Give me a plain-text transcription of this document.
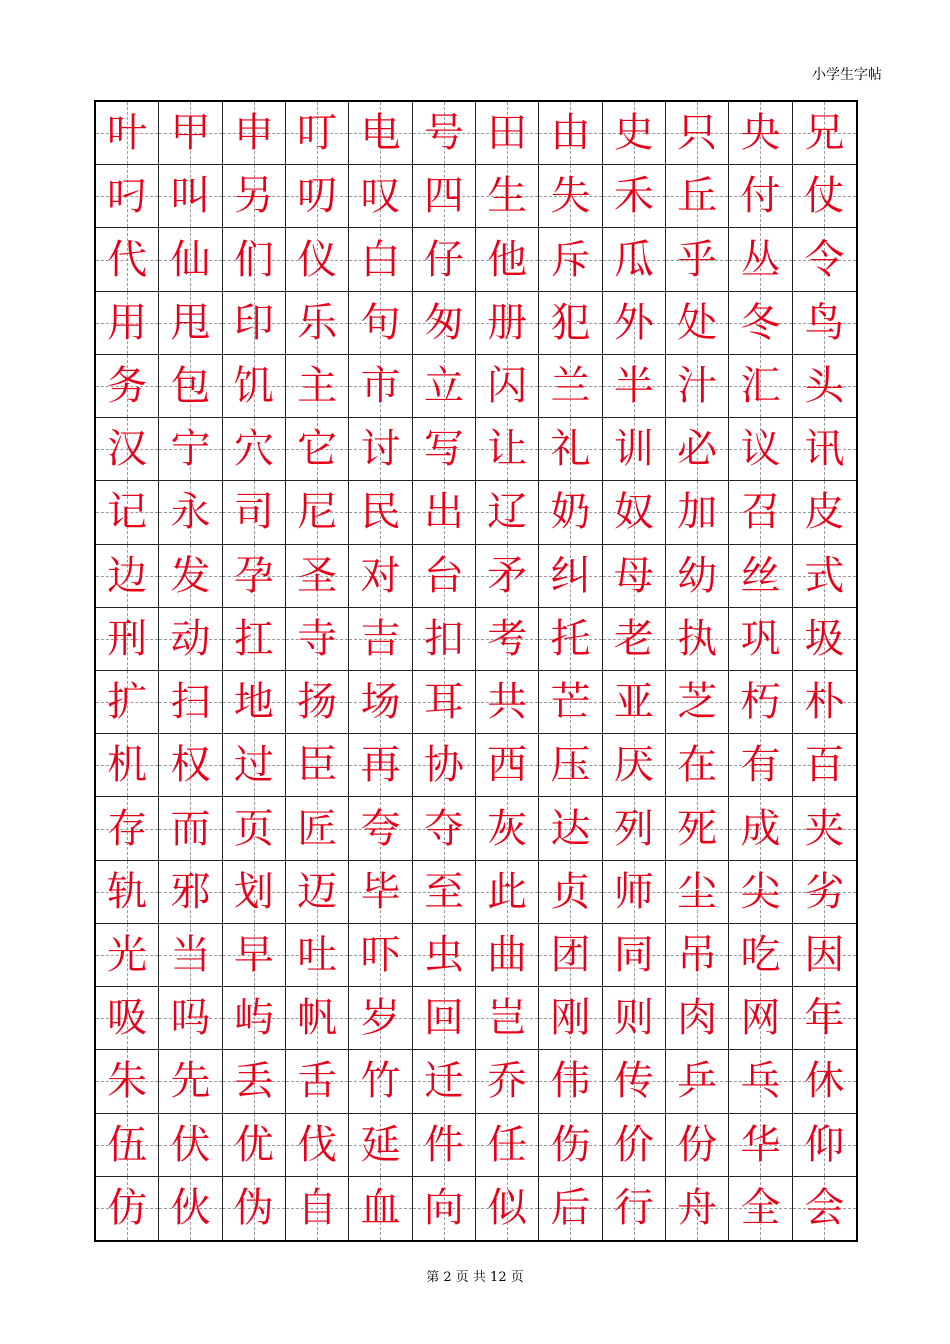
小学生字帖
叶 甲 申 叮 电 号 田 由 史 只 央 兄
叼 叫 另 叨 叹 四 生 失 禾 丘 付 仗
代 仙 们 仪 白 仔 他 斥 瓜 乎 丛 令
用 甩 印 乐 句 匆 册 犯 外 处 冬 鸟
务 包 饥 主 市 立 闪 兰 半 汁 汇 头
汉 宁 穴 它 讨 写 让 礼 训 必 议 讯
记 永 司 尼 民 出 辽 奶 奴 加 召 皮
边 发 孕 圣 对 台 矛 纠 母 幼 丝 式
刑 动 扛 寺 吉 扣 考 托 老 执 巩 圾
扩 扫 地 扬 场 耳 共 芒 亚 芝 朽 朴
机 权 过 臣 再 协 西 压 厌 在 有 百
存 而 页 匠 夸 夺 灰 达 列 死 成 夹
轨 邪 划 迈 毕 至 此 贞 师 尘 尖 劣
光 当 早 吐 吓 虫 曲 团 同 吊 吃 因
吸 吗 屿 帆 岁 回 岂 刚 则 肉 网 年
朱 先 丢 舌 竹 迁 乔 伟 传 乒 乓 休
伍 伏 优 伐 延 件 任 伤 价 份 华 仰
仿 伙 伪 自 血 向 似 后 行 舟 全 会
第 2 页 共 12 页
